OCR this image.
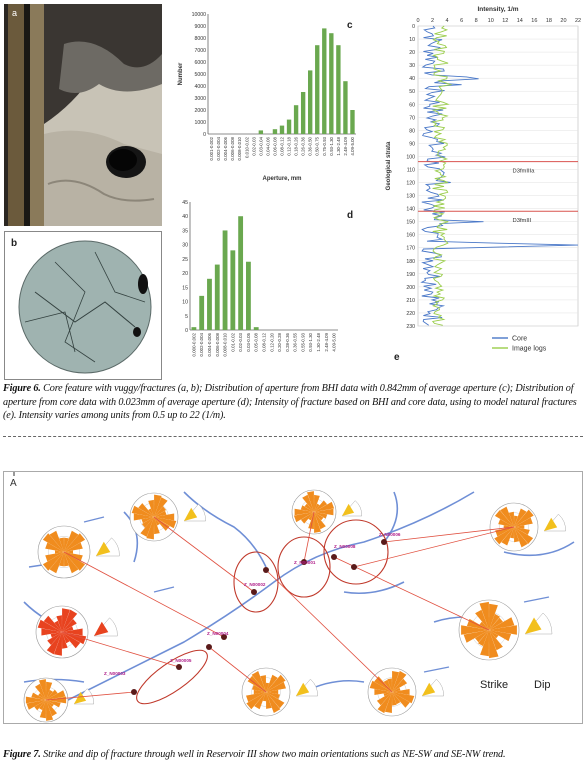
a
b
c
0
1000
2000
3000
4000
5000
6000
7000
8000
9000
10000
0.001-0.002 0.002-0.004 0.004-0.006 0.006-0.008 0.008-0.010 0.010-0.02 0.02-0.03 0.03-0.04 0.04-0.06 0.06-0.08 0.08-0.12 0.12-0.18 0.18-0.26 0.26-0.36 0.36-0.50 0.50-0.75 0.75-0.93 0.93-1.30 1.30-2.48 2.48-4.09 4.09-5.00
Number
Aperture, mm
d
0
5
10
15
20
25
30
35
40
45
0.000-0.002 0.002-0.004 0.004-0.006 0.006-0.008 0.008-0.010 0.01-0.02 0.02-0.03 0.03-0.05 0.05-0.08 0.08-0.12 0.12-0.20 0.20-0.28 0.28-0.36 0.36-0.55 0.55-0.93 0.93-1.30 1.30-2.48 2.48-4.09 4.09-5.00
e
Intensity, 1/m
0 2 4 6 8 10 12 14 16 18 20 22
0
10
20
30
40
50
60
70
80
90
100
110
120
130
140
150
160
170
180
190
200
210
220
230
Geological strata	D3fmIIIa
D3fmIII
Core
Image logs
Figure 6. Core feature with vuggy/fractures (a, b); Distribution of aperture from BHI data with 0.842mm of average aperture (c); Distribution of aperture from core data with 0.023mm of average aperture (d); Intensity of fracture based on BHI and core data, using to model natural fractures (e). Intensity varies among units from 0.5 up to 22 (1/m).
A
Strike Dip
Z_N00003
Z_N00005
Z_N00004
Z_N00002
Z_N00001
Z_N00008
Z_N00006
Figure 7. Strike and dip of fracture through well in Reservoir III show two main orientations such as NE-SW and SE-NW trend.
